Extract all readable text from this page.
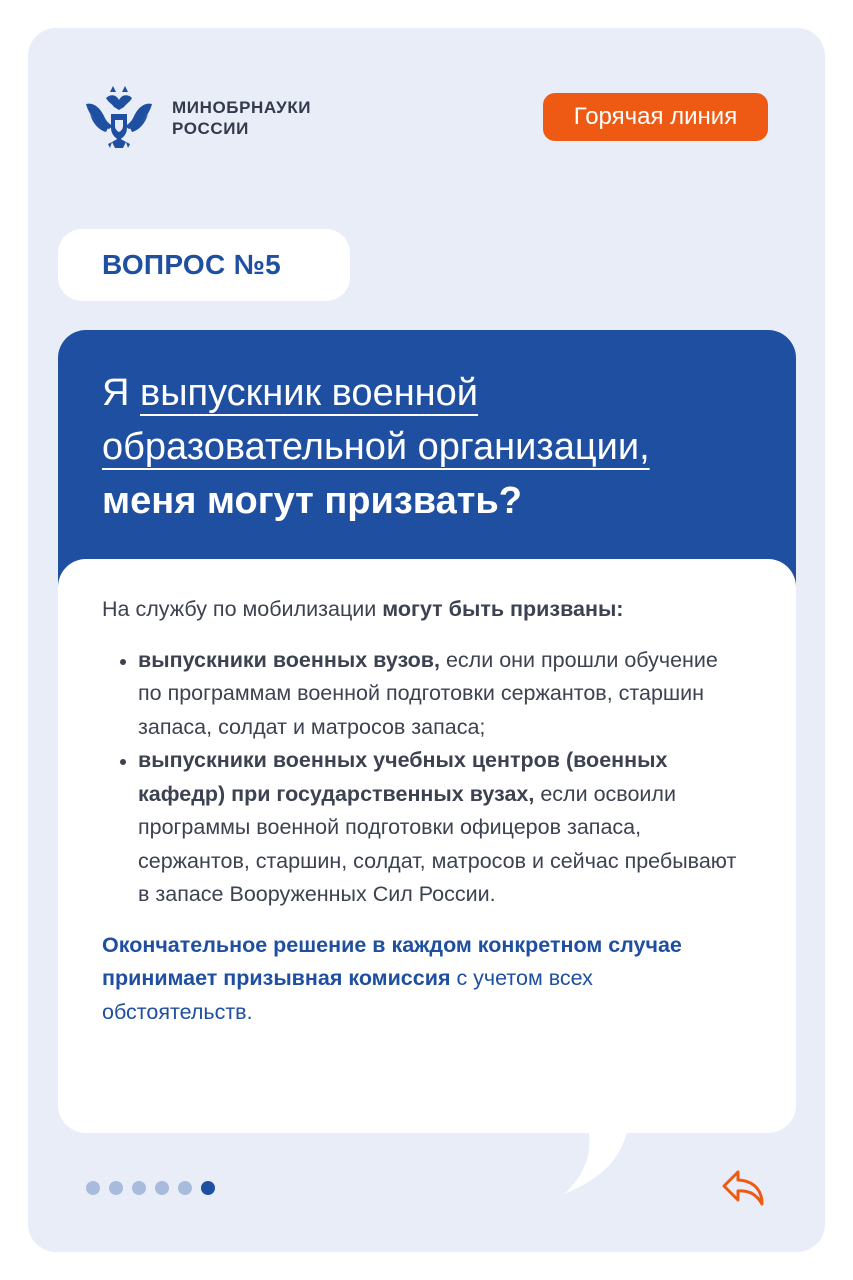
МИНОБРНАУКИ
РОССИИ	Горячая линия
ВОПРОС №5
Я выпускник военной образовательной организации,
меня могут призвать?

На службу по мобилизации могут быть призваны:

• выпускники военных вузов, если они прошли обучение по программам военной подготовки сержантов, старшин запаса, солдат и матросов запаса;
• выпускники военных учебных центров (военных кафедр) при государственных вузах, если освоили программы военной подготовки офицеров запаса, сержантов, старшин, солдат, матросов и сейчас пребывают в запасе Вооруженных Сил России.

Окончательное решение в каждом конкретном случае принимает призывная комиссия с учетом всех обстоятельств.
